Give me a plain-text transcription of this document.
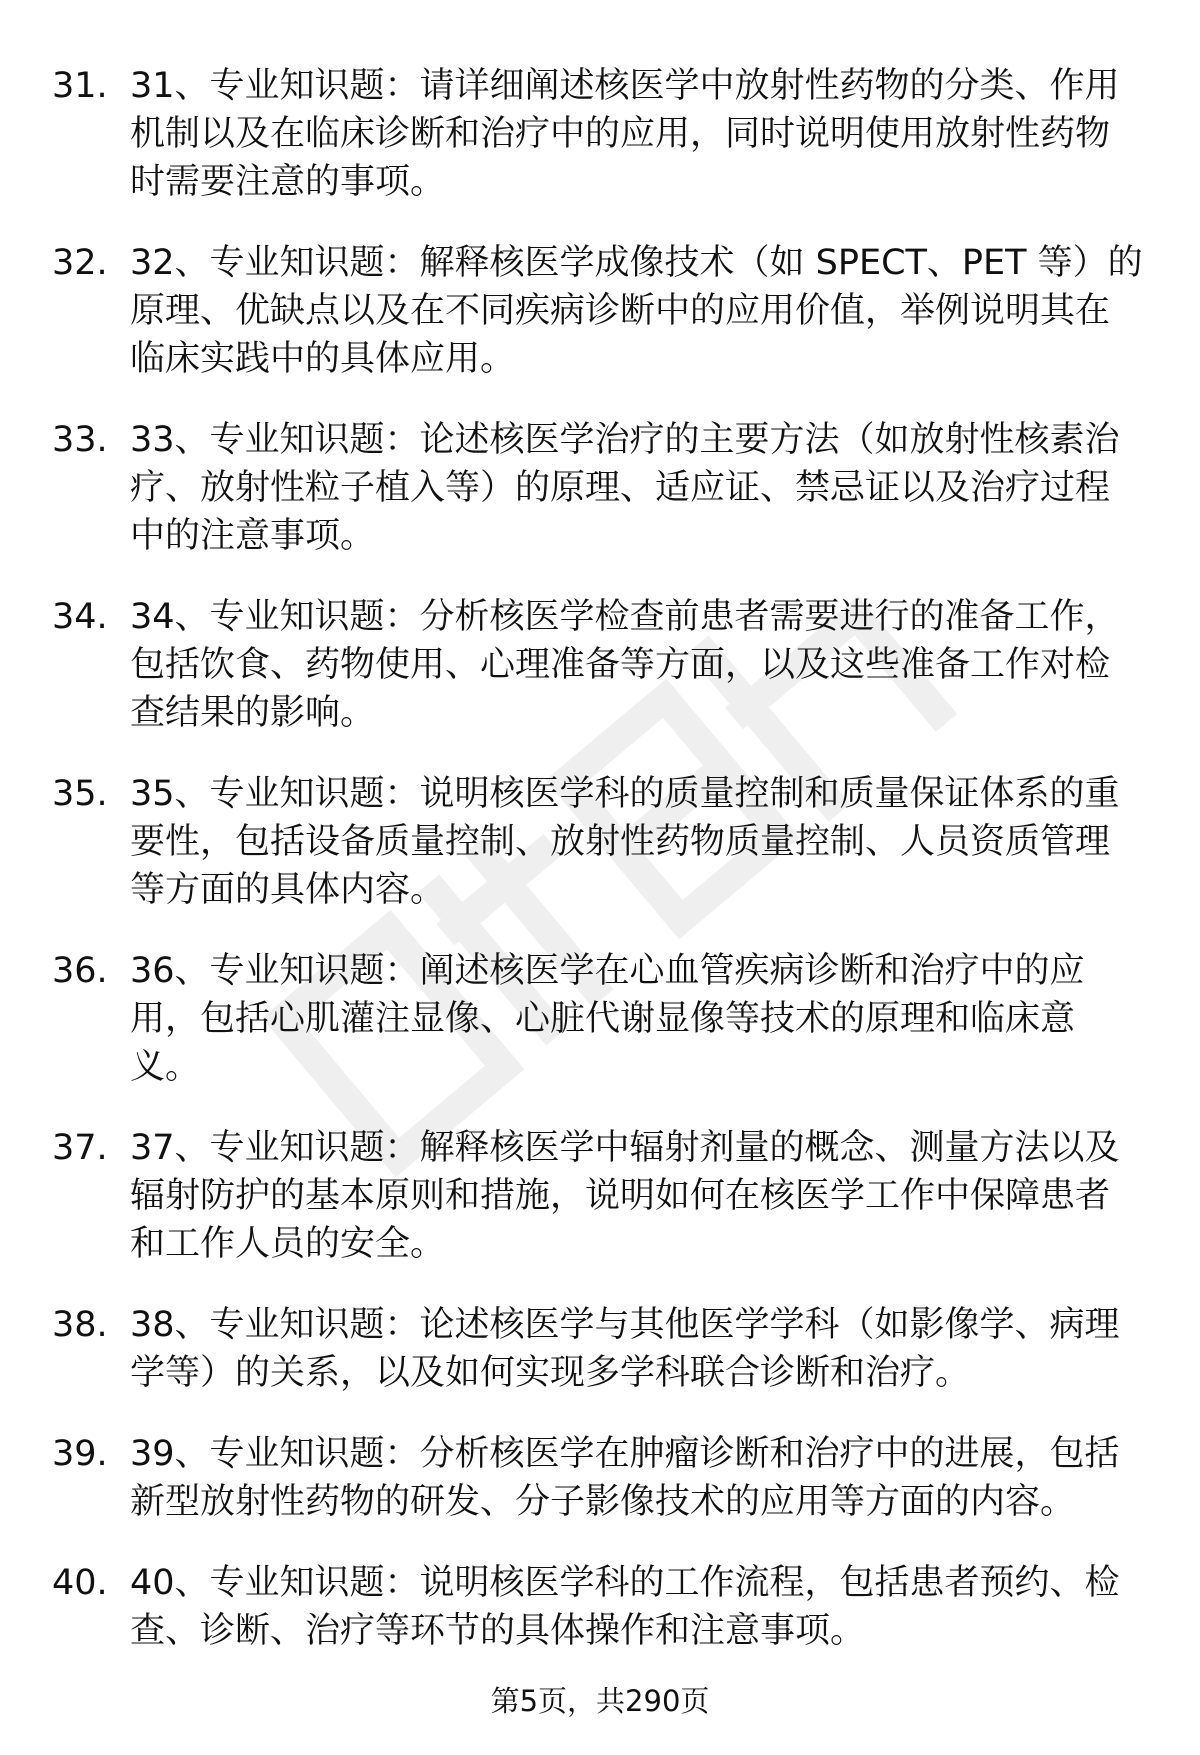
31. 31、专业知识题：请详细阐述核医学中放射性药物的分类、作用
机制以及在临床诊断和治疗中的应用，同时说明使用放射性药物
时需要注意的事项。
32. 32、专业知识题：解释核医学成像技术（如 SPECT、PET 等）的
原理、优缺点以及在不同疾病诊断中的应用价值，举例说明其在
临床实践中的具体应用。
33. 33、专业知识题：论述核医学治疗的主要方法（如放射性核素治
疗、放射性粒子植入等）的原理、适应证、禁忌证以及治疗过程
中的注意事项。
34. 34、专业知识题：分析核医学检查前患者需要进行的准备工作，
包括饮食、药物使用、心理准备等方面，以及这些准备工作对检
查结果的影响。
35. 35、专业知识题：说明核医学科的质量控制和质量保证体系的重
要性，包括设备质量控制、放射性药物质量控制、人员资质管理
等方面的具体内容。
36. 36、专业知识题：阐述核医学在心血管疾病诊断和治疗中的应
用，包括心肌灌注显像、心脏代谢显像等技术的原理和临床意
义。
37. 37、专业知识题：解释核医学中辐射剂量的概念、测量方法以及
辐射防护的基本原则和措施，说明如何在核医学工作中保障患者
和工作人员的安全。
38. 38、专业知识题：论述核医学与其他医学学科（如影像学、病理
学等）的关系，以及如何实现多学科联合诊断和治疗。
39. 39、专业知识题：分析核医学在肿瘤诊断和治疗中的进展，包括
新型放射性药物的研发、分子影像技术的应用等方面的内容。
40. 40、专业知识题：说明核医学科的工作流程，包括患者预约、检
查、诊断、治疗等环节的具体操作和注意事项。
第5页，共290页
